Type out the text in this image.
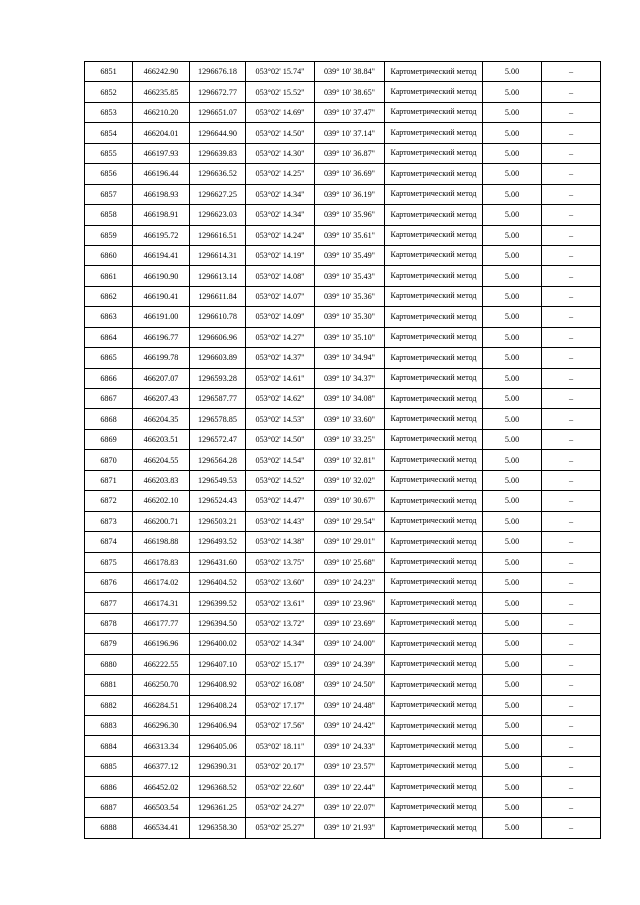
6851	466242.90	1296676.18	053°02' 15.74"	039° 10' 38.84"	Картометрический метод	5.00	–
6852	466235.85	1296672.77	053°02' 15.52"	039° 10' 38.65"	Картометрический метод	5.00	–
6853	466210.20	1296651.07	053°02' 14.69"	039° 10' 37.47"	Картометрический метод	5.00	–
6854	466204.01	1296644.90	053°02' 14.50"	039° 10' 37.14"	Картометрический метод	5.00	–
6855	466197.93	1296639.83	053°02' 14.30"	039° 10' 36.87"	Картометрический метод	5.00	–
6856	466196.44	1296636.52	053°02' 14.25"	039° 10' 36.69"	Картометрический метод	5.00	–
6857	466198.93	1296627.25	053°02' 14.34"	039° 10' 36.19"	Картометрический метод	5.00	–
6858	466198.91	1296623.03	053°02' 14.34"	039° 10' 35.96"	Картометрический метод	5.00	–
6859	466195.72	1296616.51	053°02' 14.24"	039° 10' 35.61"	Картометрический метод	5.00	–
6860	466194.41	1296614.31	053°02' 14.19"	039° 10' 35.49"	Картометрический метод	5.00	–
6861	466190.90	1296613.14	053°02' 14.08"	039° 10' 35.43"	Картометрический метод	5.00	–
6862	466190.41	1296611.84	053°02' 14.07"	039° 10' 35.36"	Картометрический метод	5.00	–
6863	466191.00	1296610.78	053°02' 14.09"	039° 10' 35.30"	Картометрический метод	5.00	–
6864	466196.77	1296606.96	053°02' 14.27"	039° 10' 35.10"	Картометрический метод	5.00	–
6865	466199.78	1296603.89	053°02' 14.37"	039° 10' 34.94"	Картометрический метод	5.00	–
6866	466207.07	1296593.28	053°02' 14.61"	039° 10' 34.37"	Картометрический метод	5.00	–
6867	466207.43	1296587.77	053°02' 14.62"	039° 10' 34.08"	Картометрический метод	5.00	–
6868	466204.35	1296578.85	053°02' 14.53"	039° 10' 33.60"	Картометрический метод	5.00	–
6869	466203.51	1296572.47	053°02' 14.50"	039° 10' 33.25"	Картометрический метод	5.00	–
6870	466204.55	1296564.28	053°02' 14.54"	039° 10' 32.81"	Картометрический метод	5.00	–
6871	466203.83	1296549.53	053°02' 14.52"	039° 10' 32.02"	Картометрический метод	5.00	–
6872	466202.10	1296524.43	053°02' 14.47"	039° 10' 30.67"	Картометрический метод	5.00	–
6873	466200.71	1296503.21	053°02' 14.43"	039° 10' 29.54"	Картометрический метод	5.00	–
6874	466198.88	1296493.52	053°02' 14.38"	039° 10' 29.01"	Картометрический метод	5.00	–
6875	466178.83	1296431.60	053°02' 13.75"	039° 10' 25.68"	Картометрический метод	5.00	–
6876	466174.02	1296404.52	053°02' 13.60"	039° 10' 24.23"	Картометрический метод	5.00	–
6877	466174.31	1296399.52	053°02' 13.61"	039° 10' 23.96"	Картометрический метод	5.00	–
6878	466177.77	1296394.50	053°02' 13.72"	039° 10' 23.69"	Картометрический метод	5.00	–
6879	466196.96	1296400.02	053°02' 14.34"	039° 10' 24.00"	Картометрический метод	5.00	–
6880	466222.55	1296407.10	053°02' 15.17"	039° 10' 24.39"	Картометрический метод	5.00	–
6881	466250.70	1296408.92	053°02' 16.08"	039° 10' 24.50"	Картометрический метод	5.00	–
6882	466284.51	1296408.24	053°02' 17.17"	039° 10' 24.48"	Картометрический метод	5.00	–
6883	466296.30	1296406.94	053°02' 17.56"	039° 10' 24.42"	Картометрический метод	5.00	–
6884	466313.34	1296405.06	053°02' 18.11"	039° 10' 24.33"	Картометрический метод	5.00	–
6885	466377.12	1296390.31	053°02' 20.17"	039° 10' 23.57"	Картометрический метод	5.00	–
6886	466452.02	1296368.52	053°02' 22.60"	039° 10' 22.44"	Картометрический метод	5.00	–
6887	466503.54	1296361.25	053°02' 24.27"	039° 10' 22.07"	Картометрический метод	5.00	–
6888	466534.41	1296358.30	053°02' 25.27"	039° 10' 21.93"	Картометрический метод	5.00	–
